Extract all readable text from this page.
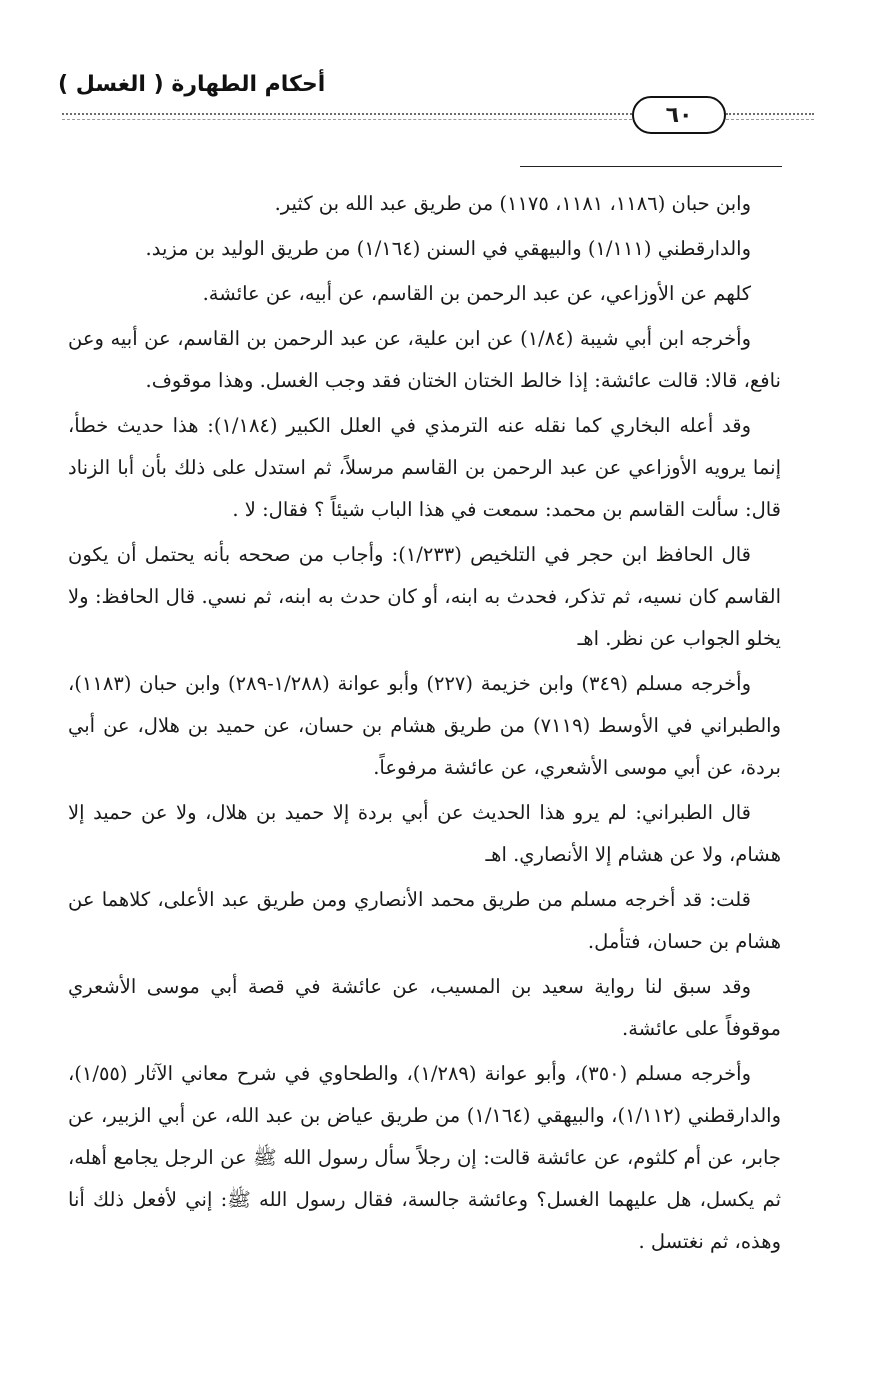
أحكام الطهارة ( الغسل )
٦٠

وابن حبان (١١٨٦، ١١٨١، ١١٧٥) من طريق عبد الله بن كثير.

والدارقطني (١/١١١) والبيهقي في السنن (١/١٦٤) من طريق الوليد بن مزيد.

كلهم عن الأوزاعي، عن عبد الرحمن بن القاسم، عن أبيه، عن عائشة.

وأخرجه ابن أبي شيبة (١/٨٤) عن ابن علية، عن عبد الرحمن بن القاسم، عن أبيه وعن نافع، قالا: قالت عائشة: إذا خالط الختان الختان فقد وجب الغسل. وهذا موقوف.

وقد أعله البخاري كما نقله عنه الترمذي في العلل الكبير (١/١٨٤): هذا حديث خطأ، إنما يرويه الأوزاعي عن عبد الرحمن بن القاسم مرسلاً، ثم استدل على ذلك بأن أبا الزناد قال: سألت القاسم بن محمد: سمعت في هذا الباب شيئاً ؟ فقال: لا .

قال الحافظ ابن حجر في التلخيص (١/٢٣٣): وأجاب من صححه بأنه يحتمل أن يكون القاسم كان نسيه، ثم تذكر، فحدث به ابنه، أو كان حدث به ابنه، ثم نسي. قال الحافظ: ولا يخلو الجواب عن نظر. اهـ

وأخرجه مسلم (٣٤٩) وابن خزيمة (٢٢٧) وأبو عوانة (١/٢٨٨-٢٨٩) وابن حبان (١١٨٣)، والطبراني في الأوسط (٧١١٩) من طريق هشام بن حسان، عن حميد بن هلال، عن أبي بردة، عن أبي موسى الأشعري، عن عائشة مرفوعاً.

قال الطبراني: لم يرو هذا الحديث عن أبي بردة إلا حميد بن هلال، ولا عن حميد إلا هشام، ولا عن هشام إلا الأنصاري. اهـ

قلت: قد أخرجه مسلم من طريق محمد الأنصاري ومن طريق عبد الأعلى، كلاهما عن هشام بن حسان، فتأمل.

وقد سبق لنا رواية سعيد بن المسيب، عن عائشة في قصة أبي موسى الأشعري موقوفاً على عائشة.

وأخرجه مسلم (٣٥٠)، وأبو عوانة (١/٢٨٩)، والطحاوي في شرح معاني الآثار (١/٥٥)، والدارقطني (١/١١٢)، والبيهقي (١/١٦٤) من طريق عياض بن عبد الله، عن أبي الزبير، عن جابر، عن أم كلثوم، عن عائشة قالت: إن رجلاً سأل رسول الله ﷺ عن الرجل يجامع أهله، ثم يكسل، هل عليهما الغسل؟ وعائشة جالسة، فقال رسول الله ﷺ: إني لأفعل ذلك أنا وهذه، ثم نغتسل .
